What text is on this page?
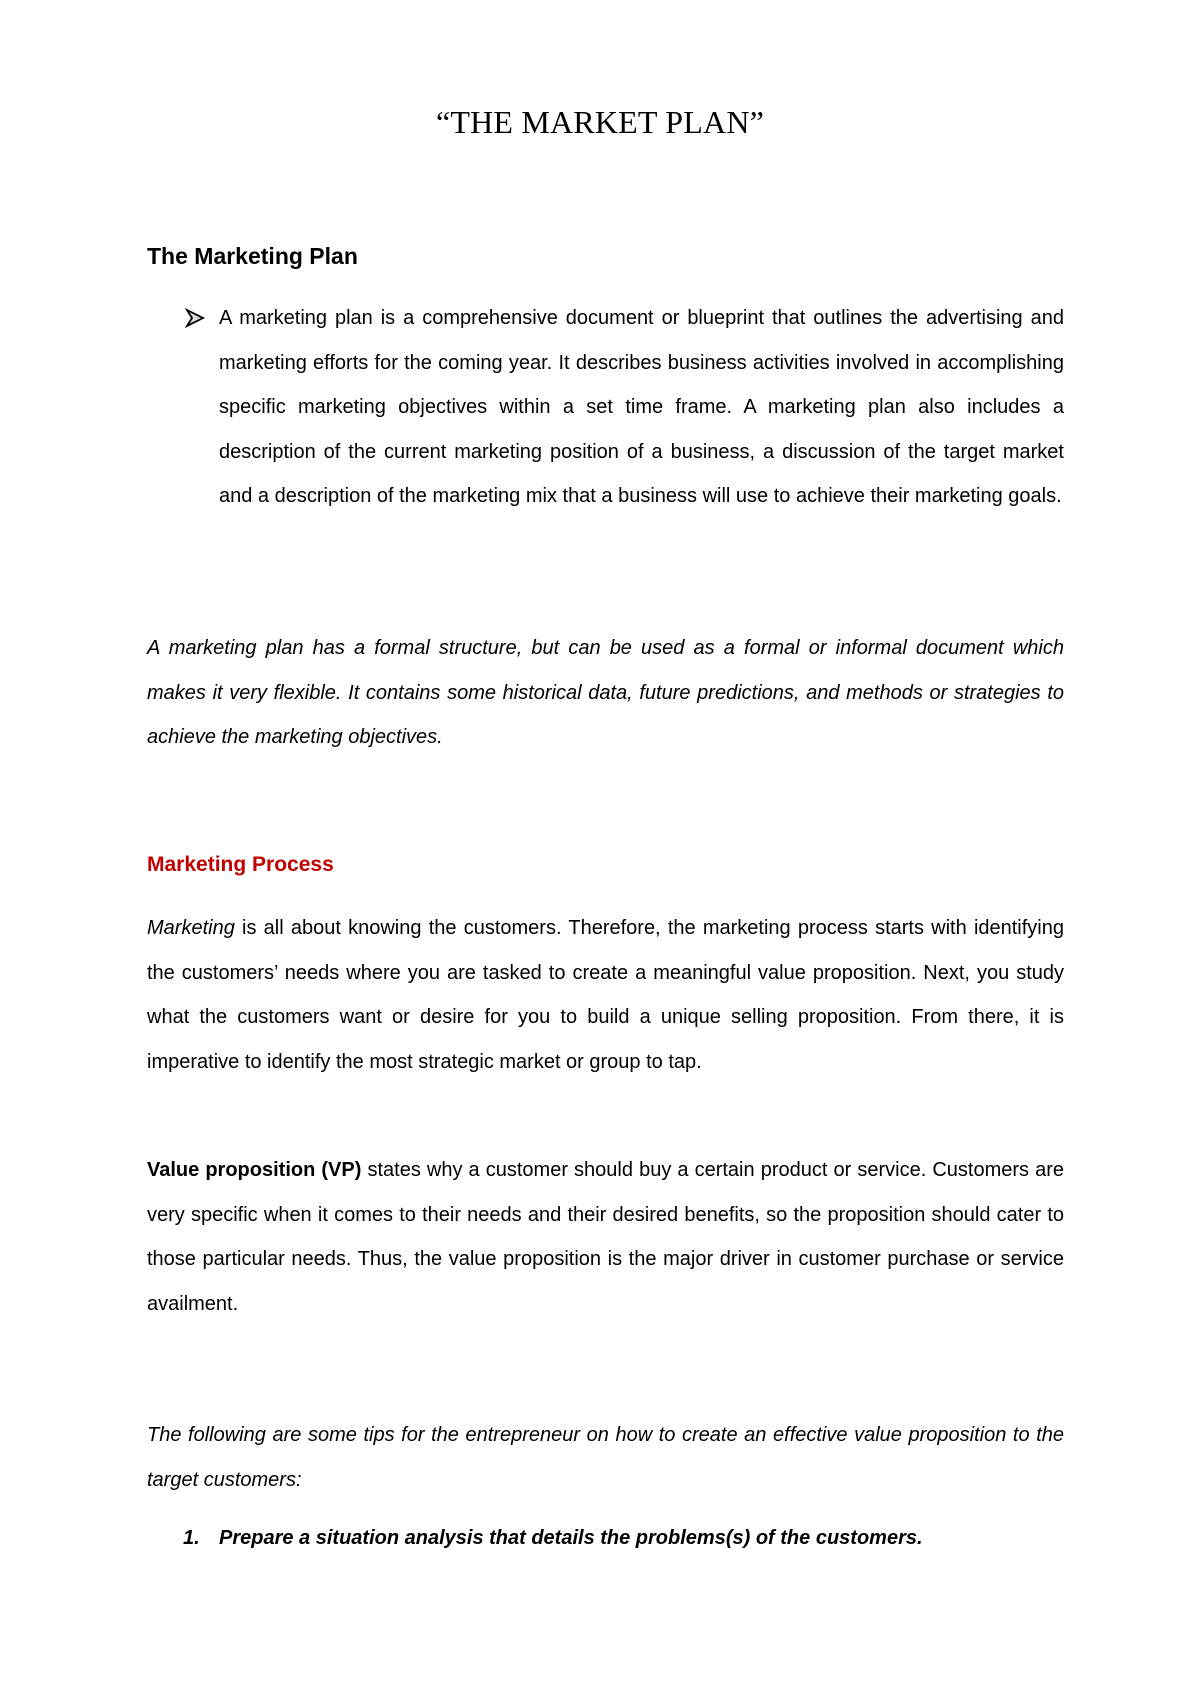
“THE MARKET PLAN”
The Marketing Plan

A marketing plan is a comprehensive document or blueprint that outlines the advertising and marketing efforts for the coming year. It describes business activities involved in accomplishing specific marketing objectives within a set time frame. A marketing plan also includes a description of the current marketing position of a business, a discussion of the target market and a description of the marketing mix that a business will use to achieve their marketing goals.

A marketing plan has a formal structure, but can be used as a formal or informal document which makes it very flexible. It contains some historical data, future predictions, and methods or strategies to achieve the marketing objectives.

Marketing Process

Marketing is all about knowing the customers. Therefore, the marketing process starts with identifying the customers’ needs where you are tasked to create a meaningful value proposition. Next, you study what the customers want or desire for you to build a unique selling proposition. From there, it is imperative to identify the most strategic market or group to tap.

Value proposition (VP) states why a customer should buy a certain product or service. Customers are very specific when it comes to their needs and their desired benefits, so the proposition should cater to those particular needs. Thus, the value proposition is the major driver in customer purchase or service availment.

The following are some tips for the entrepreneur on how to create an effective value proposition to the target customers:

1. Prepare a situation analysis that details the problems(s) of the customers.
